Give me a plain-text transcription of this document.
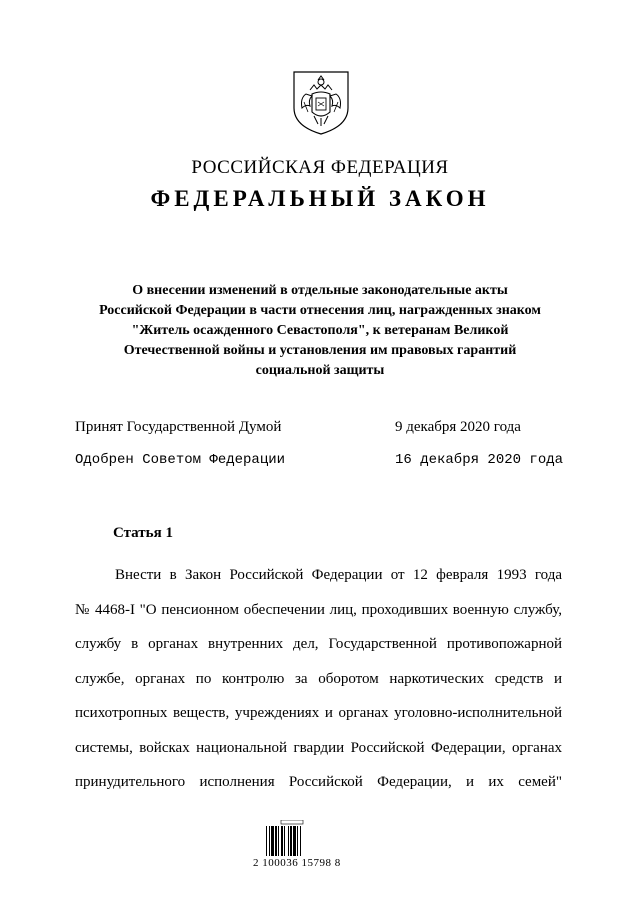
РОССИЙСКАЯ ФЕДЕРАЦИЯ
ФЕДЕРАЛЬНЫЙ ЗАКОН
О внесении изменений в отдельные законодательные акты
Российской Федерации в части отнесения лиц, награжденных знаком
"Житель осажденного Севастополя", к ветеранам Великой
Отечественной войны и установления им правовых гарантий
социальной защиты
Принят Государственной Думой	9 декабря 2020 года
Одобрен Советом Федерации	16 декабря 2020 года
Статья 1
Внести в Закон Российской Федерации от 12 февраля 1993 года
№ 4468-I "О пенсионном обеспечении лиц, проходивших военную службу,
службу в органах внутренних дел, Государственной противопожарной
службе, органах по контролю за оборотом наркотических средств и
психотропных веществ, учреждениях и органах уголовно-исполнительной
системы, войсках национальной гвардии Российской Федерации, органах
принудительного исполнения Российской Федерации, и их семей"
2 100036 15798 8
